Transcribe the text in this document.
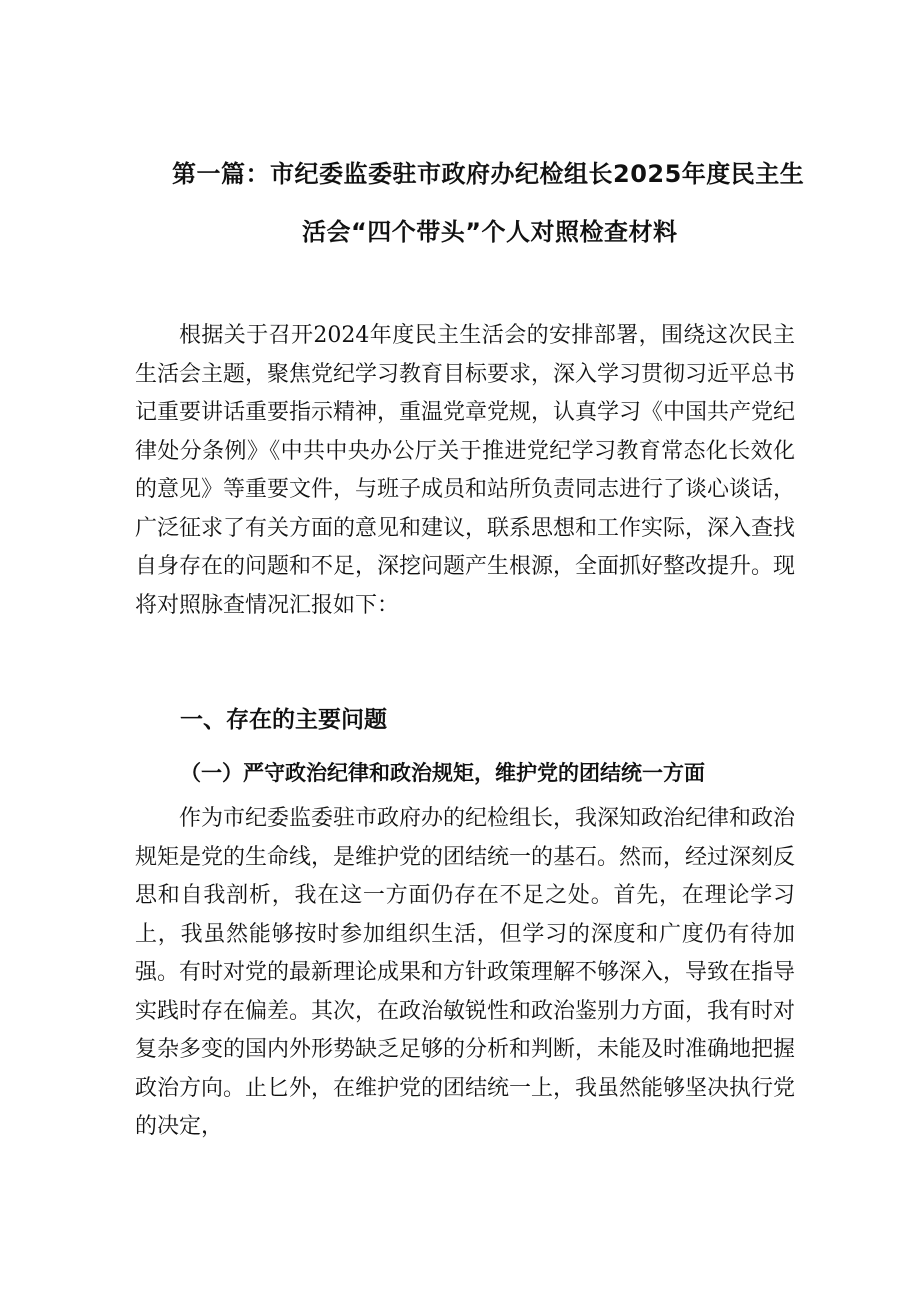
第一篇：市纪委监委驻市政府办纪检组长2025年度民主生
活会“四个带头”个人对照检查材料

根据关于召开2024年度民主生活会的安排部署，围绕这次民主生活会主题，聚焦党纪学习教育目标要求，深入学习贯彻习近平总书记重要讲话重要指示精神，重温党章党规，认真学习《中国共产党纪律处分条例》《中共中央办公厅关于推进党纪学习教育常态化长效化的意见》等重要文件，与班子成员和站所负责同志进行了谈心谈话，广泛征求了有关方面的意见和建议，联系思想和工作实际，深入查找自身存在的问题和不足，深挖问题产生根源，全面抓好整改提升。现将对照脉查情况汇报如下：

一、存在的主要问题
（一）严守政治纪律和政治规矩，维护党的团结统一方面

作为市纪委监委驻市政府办的纪检组长，我深知政治纪律和政治规矩是党的生命线，是维护党的团结统一的基石。然而，经过深刻反思和自我剖析，我在这一方面仍存在不足之处。首先，在理论学习上，我虽然能够按时参加组织生活，但学习的深度和广度仍有待加强。有时对党的最新理论成果和方针政策理解不够深入，导致在指导实践时存在偏差。其次，在政治敏锐性和政治鉴别力方面，我有时对复杂多变的国内外形势缺乏足够的分析和判断，未能及时准确地把握政治方向。止匕外，在维护党的团结统一上，我虽然能够坚决执行党的决定，
